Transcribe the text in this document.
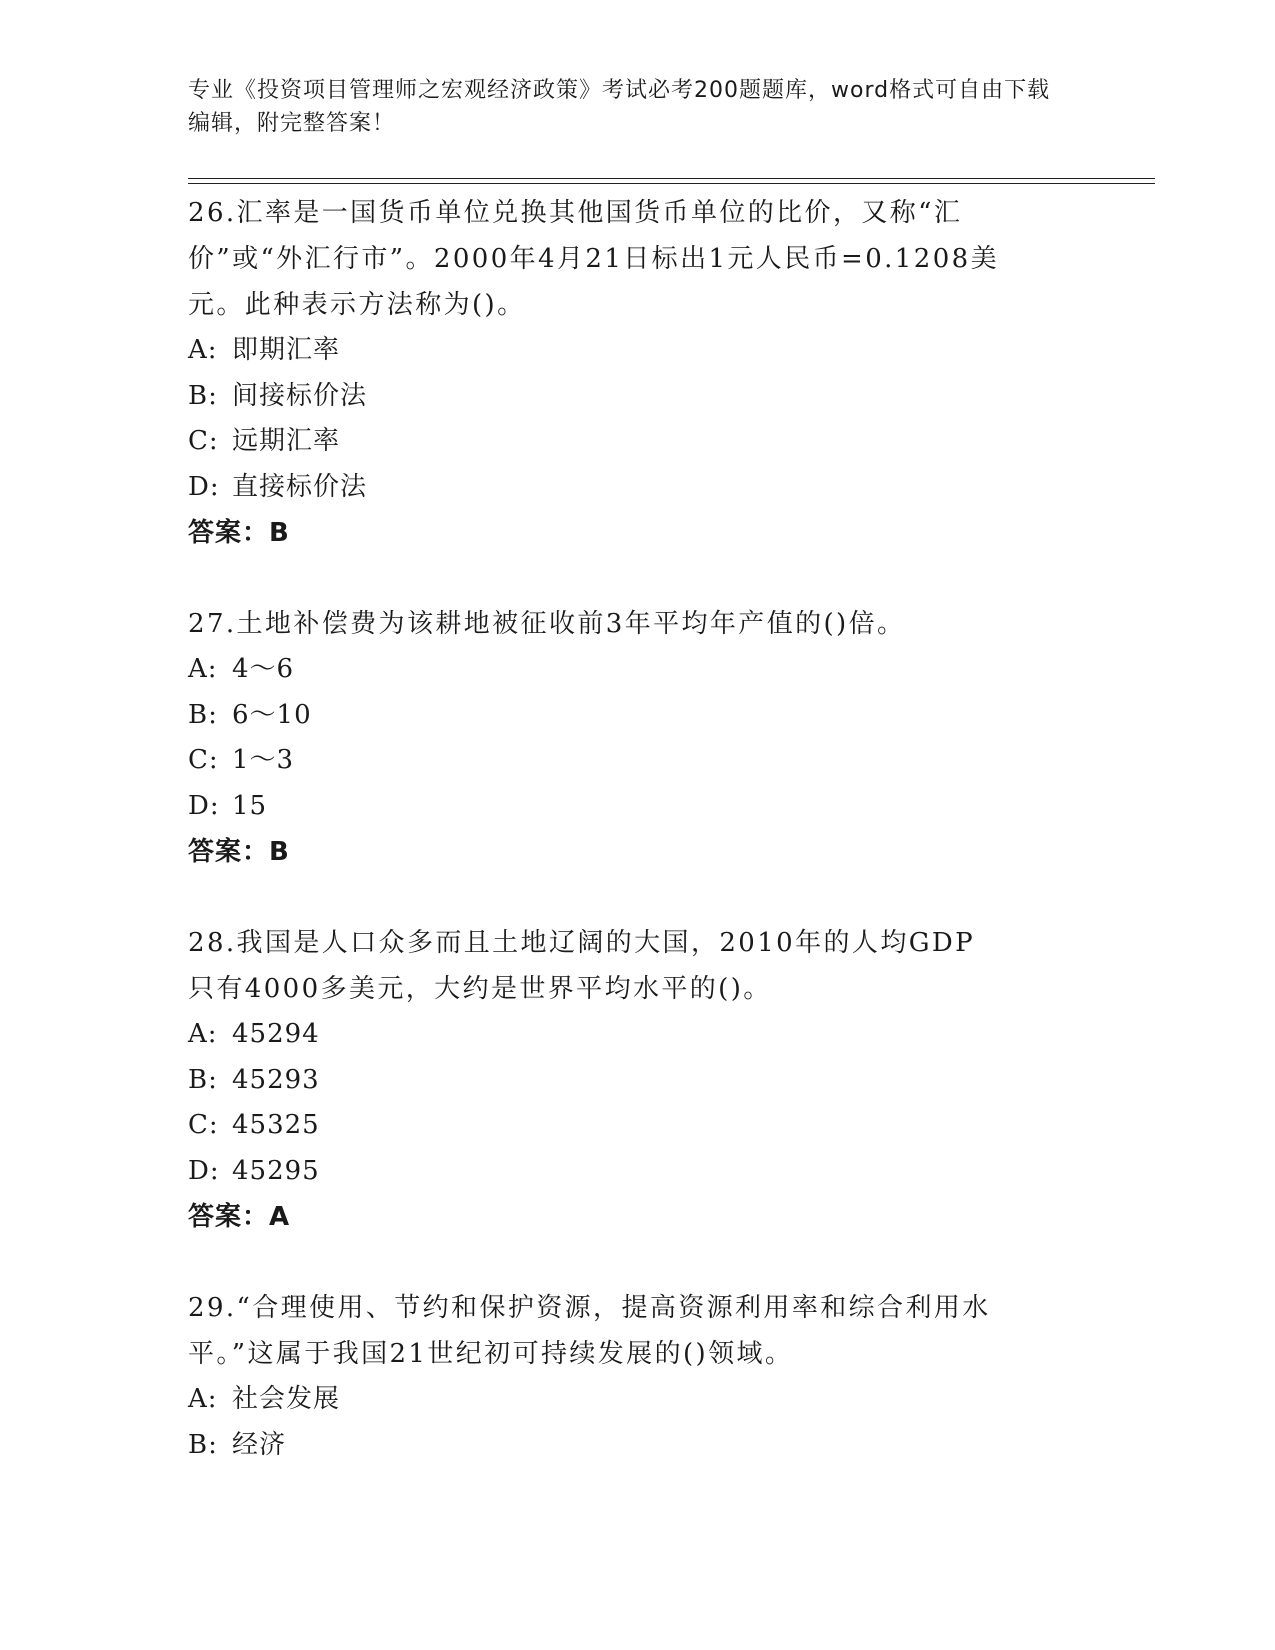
专业《投资项目管理师之宏观经济政策》考试必考200题题库，word格式可自由下载编辑，附完整答案！
26.汇率是一国货币单位兑换其他国货币单位的比价，又称“汇价”或“外汇行市”。2000年4月21日标出1元人民币=0.1208美元。此种表示方法称为()。
A: 即期汇率
B: 间接标价法
C: 远期汇率
D: 直接标价法
答案：B
27.土地补偿费为该耕地被征收前3年平均年产值的()倍。
A: 4～6
B: 6～10
C: 1～3
D: 15
答案：B
28.我国是人口众多而且土地辽阔的大国，2010年的人均GDP只有4000多美元，大约是世界平均水平的()。
A: 45294
B: 45293
C: 45325
D: 45295
答案：A
29.“合理使用、节约和保护资源，提高资源利用率和综合利用水平。”这属于我国21世纪初可持续发展的()领域。
A: 社会发展
B: 经济
